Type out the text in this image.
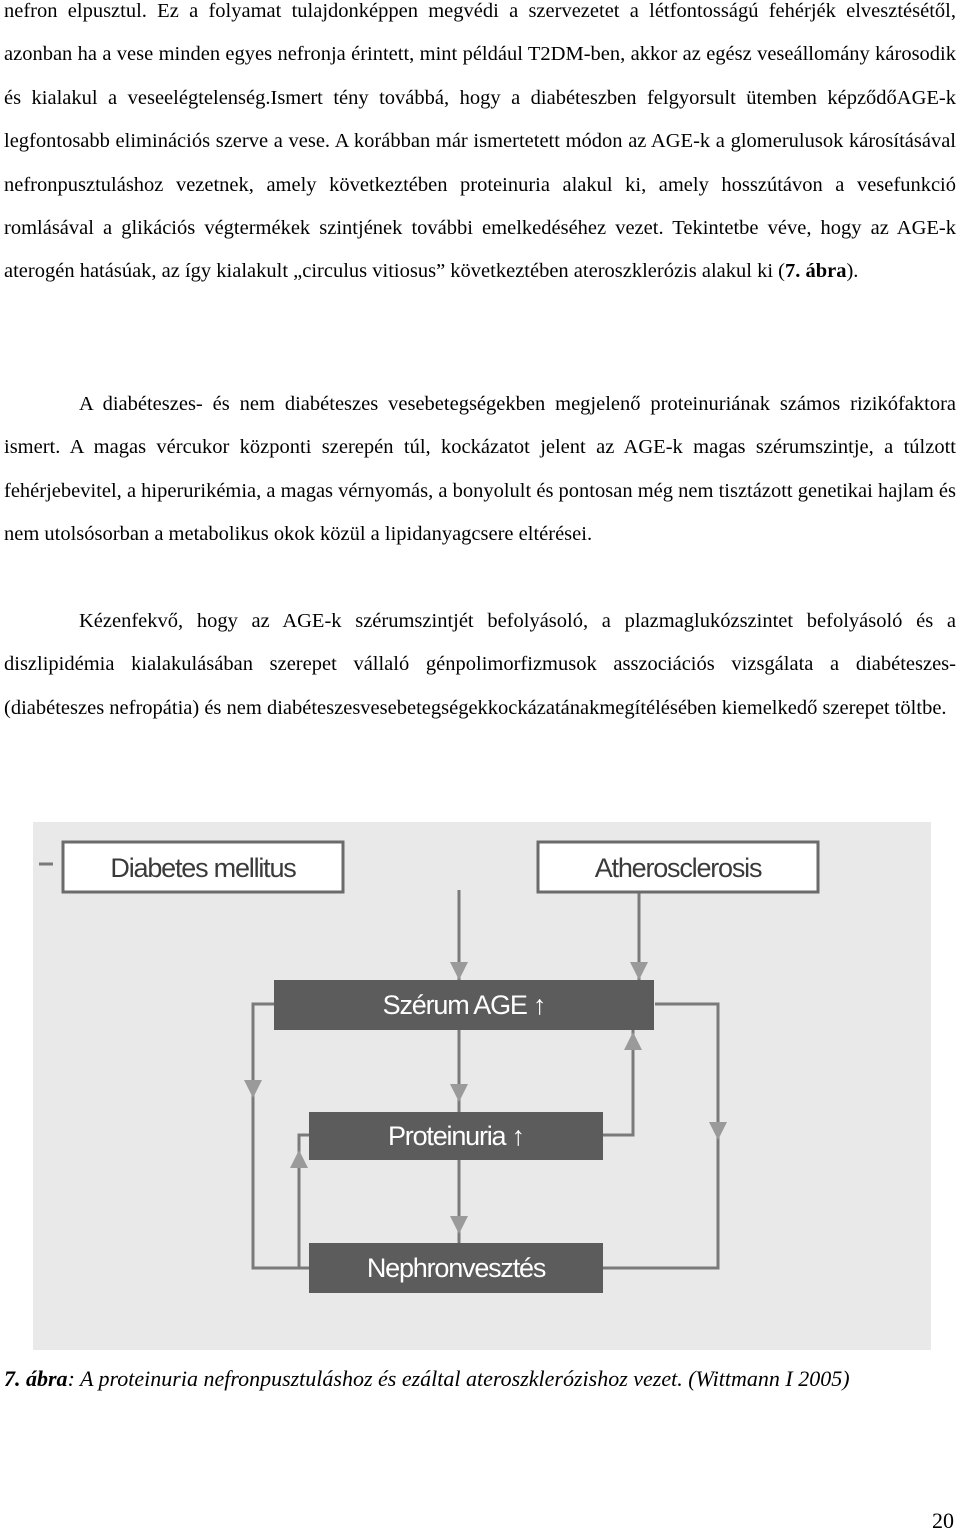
nefron elpusztul. Ez a folyamat tulajdonképpen megvédi a szervezetet a létfontosságú fehérjék elvesztésétől, azonban ha a vese minden egyes nefronja érintett, mint például T2DM-ben, akkor az egész veseállomány károsodik és kialakul a veseelégtelenség.Ismert tény továbbá, hogy a diabéteszben felgyorsult ütemben képződőAGE-k legfontosabb eliminációs szerve a vese. A korábban már ismertetett módon az AGE-k a glomerulusok károsításával nefronpusztuláshoz vezetnek, amely következtében proteinuria alakul ki, amely hosszútávon a vesefunkció romlásával a glikációs végtermékek szintjének további emelkedéséhez vezet. Tekintetbe véve, hogy az AGE-k aterogén hatásúak, az így kialakult „circulus vitiosus” következtében ateroszklerózis alakul ki (7. ábra).

A diabéteszes- és nem diabéteszes vesebetegségekben megjelenő proteinuriának számos rizikófaktora ismert. A magas vércukor központi szerepén túl, kockázatot jelent az AGE-k magas szérumszintje, a túlzott fehérjebevitel, a hiperurikémia, a magas vérnyomás, a bonyolult és pontosan még nem tisztázott genetikai hajlam és nem utolsósorban a metabolikus okok közül a lipidanyagcsere eltérései.

Kézenfekvő, hogy az AGE-k szérumszintjét befolyásoló, a plazmaglukózszintet befolyásoló és a diszlipidémia kialakulásában szerepet vállaló génpolimorfizmusok asszociációs vizsgálata a diabéteszes- (diabéteszes nefropátia) és nem diabéteszesvesebetegségekkockázatánakmegítélésében kiemelkedő szerepet töltbe.

Diabetes mellitus	Atherosclerosis
Szérum AGE ↑
Proteinuria ↑
Nephronvesztés
7. ábra: A proteinuria nefronpusztuláshoz és ezáltal ateroszklerózishoz vezet. (Wittmann I 2005)
20
